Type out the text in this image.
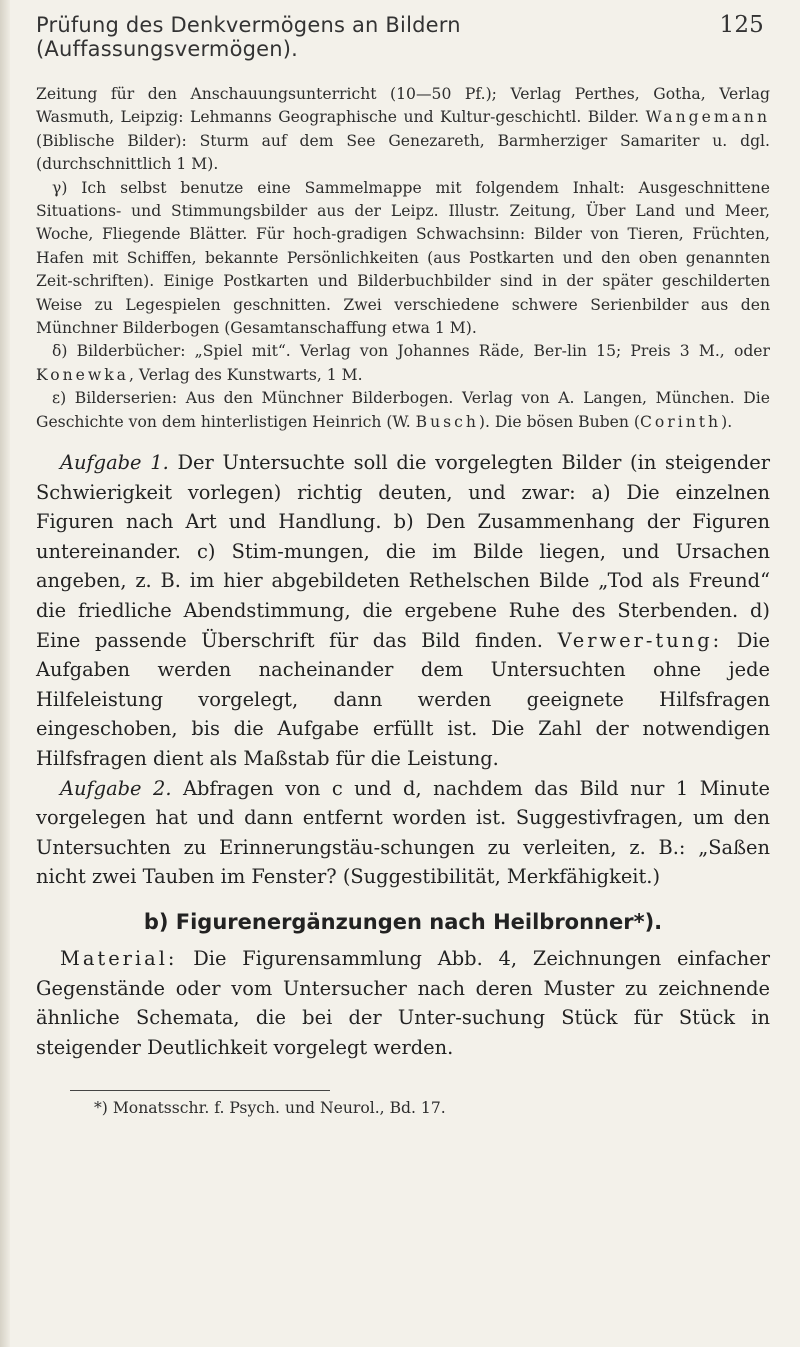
Prüfung des Denkvermögens an Bildern (Auffassungsvermögen).
125

Zeitung für den Anschauungsunterricht (10—50 Pf.); Verlag Perthes, Gotha, Verlag Wasmuth, Leipzig: Lehmanns Geographische und Kultur-geschichtl. Bilder. Wangemann (Biblische Bilder): Sturm auf dem See Genezareth, Barmherziger Samariter u. dgl. (durchschnittlich 1 M).

γ) Ich selbst benutze eine Sammelmappe mit folgendem Inhalt: Ausgeschnittene Situations- und Stimmungsbilder aus der Leipz. Illustr. Zeitung, Über Land und Meer, Woche, Fliegende Blätter. Für hoch-gradigen Schwachsinn: Bilder von Tieren, Früchten, Hafen mit Schiffen, bekannte Persönlichkeiten (aus Postkarten und den oben genannten Zeit-schriften). Einige Postkarten und Bilderbuchbilder sind in der später geschilderten Weise zu Legespielen geschnitten. Zwei verschiedene schwere Serienbilder aus den Münchner Bilderbogen (Gesamtanschaffung etwa 1 M).

δ) Bilderbücher: „Spiel mit“. Verlag von Johannes Räde, Ber-lin 15; Preis 3 M., oder Konewka, Verlag des Kunstwarts, 1 M.

ε) Bilderserien: Aus den Münchner Bilderbogen. Verlag von A. Langen, München. Die Geschichte von dem hinterlistigen Heinrich (W. Busch). Die bösen Buben (Corinth).

Aufgabe 1. Der Untersuchte soll die vorgelegten Bilder (in steigender Schwierigkeit vorlegen) richtig deuten, und zwar: a) Die einzelnen Figuren nach Art und Handlung. b) Den Zusammenhang der Figuren untereinander. c) Stim-mungen, die im Bilde liegen, und Ursachen angeben, z. B. im hier abgebildeten Rethelschen Bilde „Tod als Freund“ die friedliche Abendstimmung, die ergebene Ruhe des Sterbenden. d) Eine passende Überschrift für das Bild finden. Verwer-tung: Die Aufgaben werden nacheinander dem Untersuchten ohne jede Hilfeleistung vorgelegt, dann werden geeignete Hilfsfragen eingeschoben, bis die Aufgabe erfüllt ist. Die Zahl der notwendigen Hilfsfragen dient als Maßstab für die Leistung.

Aufgabe 2. Abfragen von c und d, nachdem das Bild nur 1 Minute vorgelegen hat und dann entfernt worden ist. Suggestivfragen, um den Untersuchten zu Erinnerungstäu-schungen zu verleiten, z. B.: „Saßen nicht zwei Tauben im Fenster? (Suggestibilität, Merkfähigkeit.)

b) Figurenergänzungen nach Heilbronner*).

Material: Die Figurensammlung Abb. 4, Zeichnungen einfacher Gegenstände oder vom Untersucher nach deren Muster zu zeichnende ähnliche Schemata, die bei der Unter-suchung Stück für Stück in steigender Deutlichkeit vorgelegt werden.

*) Monatsschr. f. Psych. und Neurol., Bd. 17.
